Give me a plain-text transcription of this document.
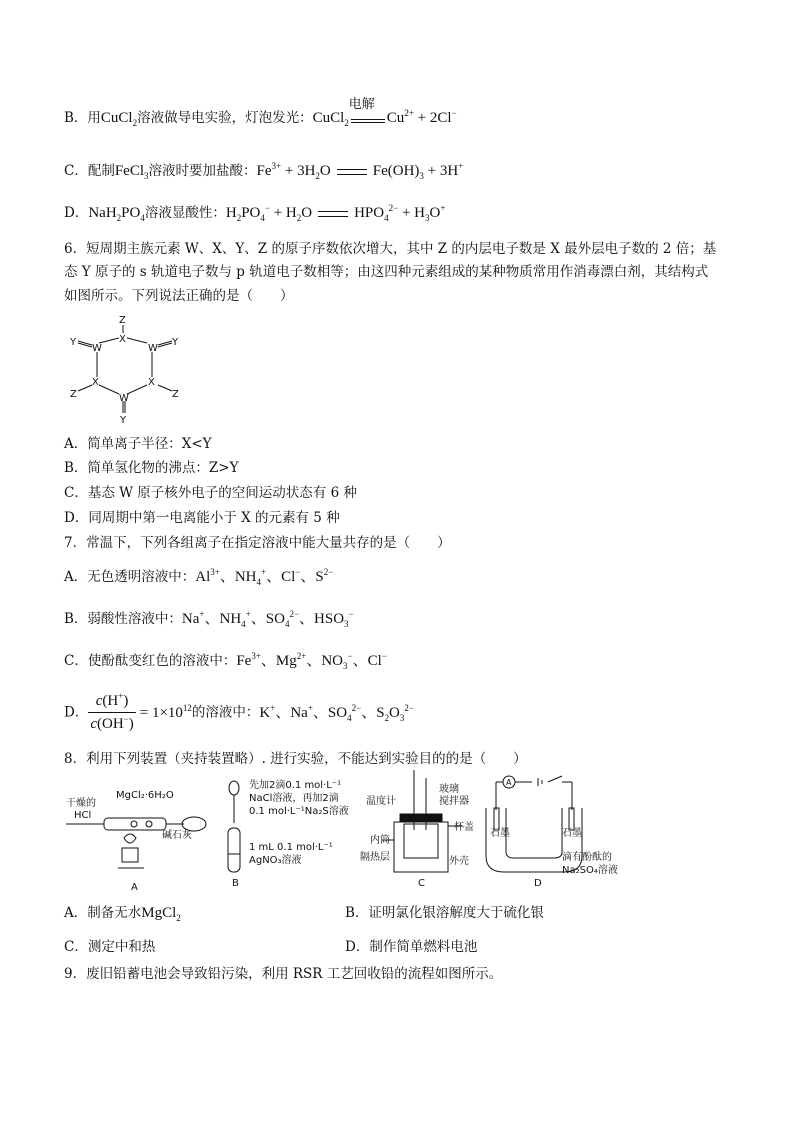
B．用CuCl$_2$溶液做导电实验，灯泡发光：CuCl$_2$
电解
$Cu^{2+} + 2Cl^-$
C．配制FeCl$_3$溶液时要加盐酸：$Fe^{3+} + 3H_2O$	$Fe(OH)_3 + 3H^+$
D．$NaH_2PO_4$溶液显酸性：$H_2PO_4^- + H_2O$	$HPO_4^{2-} + H_3O^+$
6．短周期主族元素 W、X、Y、Z 的原子序数依次增大，其中 Z 的内层电子数是 X 最外层电子数的 2 倍；基
态 Y 原子的 s 轨道电子数与 p 轨道电子数相等；由这四种元素组成的某种物质常用作消毒漂白剂，其结构式
如图所示。下列说法正确的是（　　）
Z
X
Y
W	W
Y
X	X
Z	Z
W
Y
A．简单离子半径：X<Y
B．简单氢化物的沸点：Z>Y
C．基态 W 原子核外电子的空间运动状态有 6 种
D．同周期中第一电离能小于 X 的元素有 5 种
7．常温下，下列各组离子在指定溶液中能大量共存的是（　　）
A．无色透明溶液中：$Al^{3+}$、$NH_4^+$、Cl−、$S^{2-}$
B．弱酸性溶液中：Na+、$NH_4^+$、$SO_4^{2-}$、$HSO_3^-$
C．使酚酞变红色的溶液中：$Fe^{3+}$、$Mg^{2+}$、$NO_3^-$、Cl−
D． $\frac{c(H^+)}{c(OH^-)} = 1\times 10^{12}$的溶液中：K+、Na+、$SO_4^{2-}$、$S_2O_3^{2-}$
8．利用下列装置（夹持装置略）. 进行实验，不能达到实验目的的是（　　）
干燥的
HCl
MgCl₂·6H₂O
碱石灰
A
先加2滴0.1 mol·L⁻¹
NaCl溶液，再加2滴
0.1 mol·L⁻¹Na₂S溶液
1 mL 0.1 mol·L⁻¹
AgNO₃溶液
B
温度计
玻璃
搅拌器
杯盖
内筒
隔热层	外壳
C
石墨	石墨
滴有酚酞的
Na₂SO₄溶液
D
A
A．制备无水MgCl$_2$	B．证明氯化银溶解度大于硫化银
C．测定中和热	D．制作简单燃料电池
9．废旧铅蓄电池会导致铅污染，利用 RSR 工艺回收铅的流程如图所示。
